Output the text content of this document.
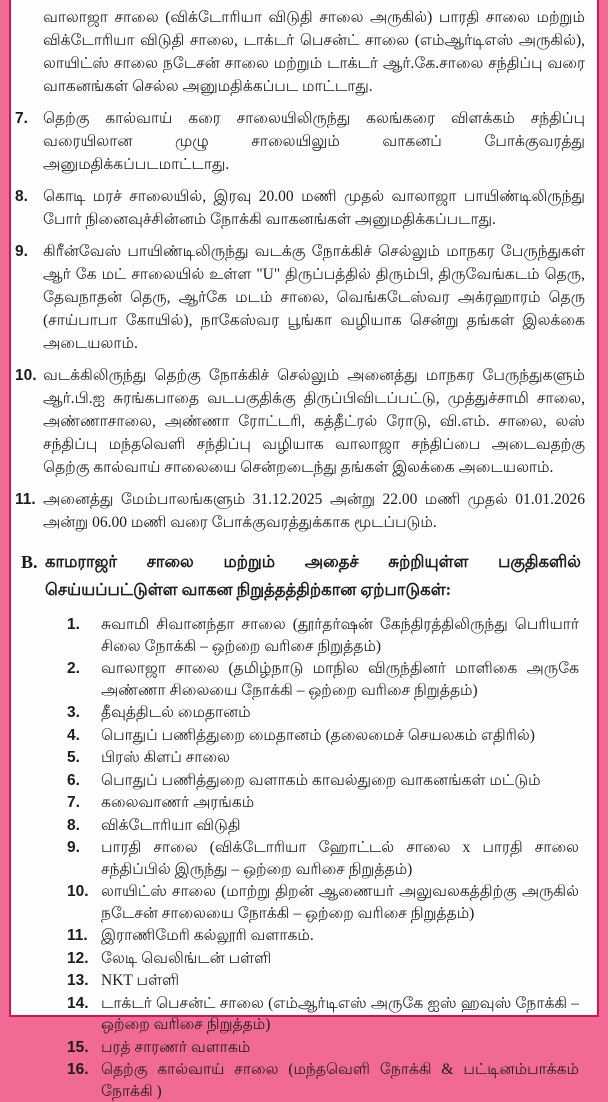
வாலாஜா சாலை (விக்டோரியா விடுதி சாலை அருகில்) பாரதி சாலை மற்றும் விக்டோரியா விடுதி சாலை, டாக்டர் பெசன்ட் சாலை (எம்ஆர்டிஎஸ் அருகில்), லாயிட்ஸ் சாலை நடேசன் சாலை மற்றும் டாக்டர் ஆர்.கே.சாலை சந்திப்பு வரை வாகனங்கள் செல்ல அனுமதிக்கப்பட மாட்டாது.

7. தெற்கு கால்வாய் கரை சாலையிலிருந்து கலங்கரை விளக்கம் சந்திப்பு வரையிலான முழு சாலையிலும் வாகனப் போக்குவரத்து அனுமதிக்கப்படமாட்டாது.
8. கொடி மரச் சாலையில், இரவு 20.00 மணி முதல் வாலாஜா பாயிண்டிலிருந்து போர் நினைவுச்சின்னம் நோக்கி வாகனங்கள் அனுமதிக்கப்படாது.
9. கிரீன்வேஸ் பாயிண்டிலிருந்து வடக்கு நோக்கிச் செல்லும் மாநகர பேருந்துகள் ஆர் கே மட் சாலையில் உள்ள "U" திருப்பத்தில் திரும்பி, திருவேங்கடம் தெரு, தேவநாதன் தெரு, ஆர்கே மடம் சாலை, வெங்கடேஸ்வர அக்ரஹாரம் தெரு (சாய்பாபா கோயில்), நாகேஸ்வர பூங்கா வழியாக சென்று தங்கள் இலக்கை அடையலாம்.
10. வடக்கிலிருந்து தெற்கு நோக்கிச் செல்லும் அனைத்து மாநகர பேருந்துகளும் ஆர்.பி.ஐ சுரங்கபாதை வடபகுதிக்கு திருப்பிவிடப்பட்டு, முத்துச்சாமி சாலை, அண்ணாசாலை, அண்ணா ரோட்டரி, கத்தீட்ரல் ரோடு, வி.எம். சாலை, லஸ் சந்திப்பு மந்தவெளி சந்திப்பு வழியாக வாலாஜா சந்திப்பை அடைவதற்கு தெற்கு கால்வாய் சாலையை சென்றடைந்து தங்கள் இலக்கை அடையலாம்.
11. அனைத்து மேம்பாலங்களும் 31.12.2025 அன்று 22.00 மணி முதல் 01.01.2026 அன்று 06.00 மணி வரை போக்குவரத்துக்காக மூடப்படும்.
B. காமராஜர் சாலை மற்றும் அதைச் சுற்றியுள்ள பகுதிகளில் செய்யப்பட்டுள்ள வாகன நிறுத்தத்திற்கான ஏற்பாடுகள்:
1.	சுவாமி சிவானந்தா சாலை (தூர்தர்ஷன் கேந்திரத்திலிருந்து பெரியார் சிலை நோக்கி – ஒற்றை வரிசை நிறுத்தம்)
2.	வாலாஜா சாலை (தமிழ்நாடு மாநில விருந்தினர் மாளிகை அருகே அண்ணா சிலையை நோக்கி – ஒற்றை வரிசை நிறுத்தம்)
3.	தீவுத்திடல் மைதானம்
4.	பொதுப் பணித்துறை மைதானம் (தலைமைச் செயலகம் எதிரில்)
5.	பிரஸ் கிளப் சாலை
6.	பொதுப் பணித்துறை வளாகம் காவல்துறை வாகனங்கள் மட்டும்
7.	கலைவாணர் அரங்கம்
8.	விக்டோரியா விடுதி
9.	பாரதி சாலை (விக்டோரியா ஹோட்டல் சாலை x பாரதி சாலை சந்திப்பில் இருந்து – ஒற்றை வரிசை நிறுத்தம்)
10. லாயிட்ஸ் சாலை (மாற்று திறன் ஆணையர் அலுவலகத்திற்கு அருகில் நடேசன் சாலையை நோக்கி – ஒற்றை வரிசை நிறுத்தம்)
11. இராணிமேரி கல்லூரி வளாகம்.
12. லேடி வெலிங்டன் பள்ளி
13. NKT பள்ளி
14. டாக்டர் பெசன்ட் சாலை (எம்ஆர்டிஎஸ் அருகே ஐஸ் ஹவுஸ் நோக்கி – ஒற்றை வரிசை நிறுத்தம்)
15. பரத் சாரணர் வளாகம்
16. தெற்கு கால்வாய் சாலை (மந்தவெளி நோக்கி & பட்டினம்பாக்கம் நோக்கி )
